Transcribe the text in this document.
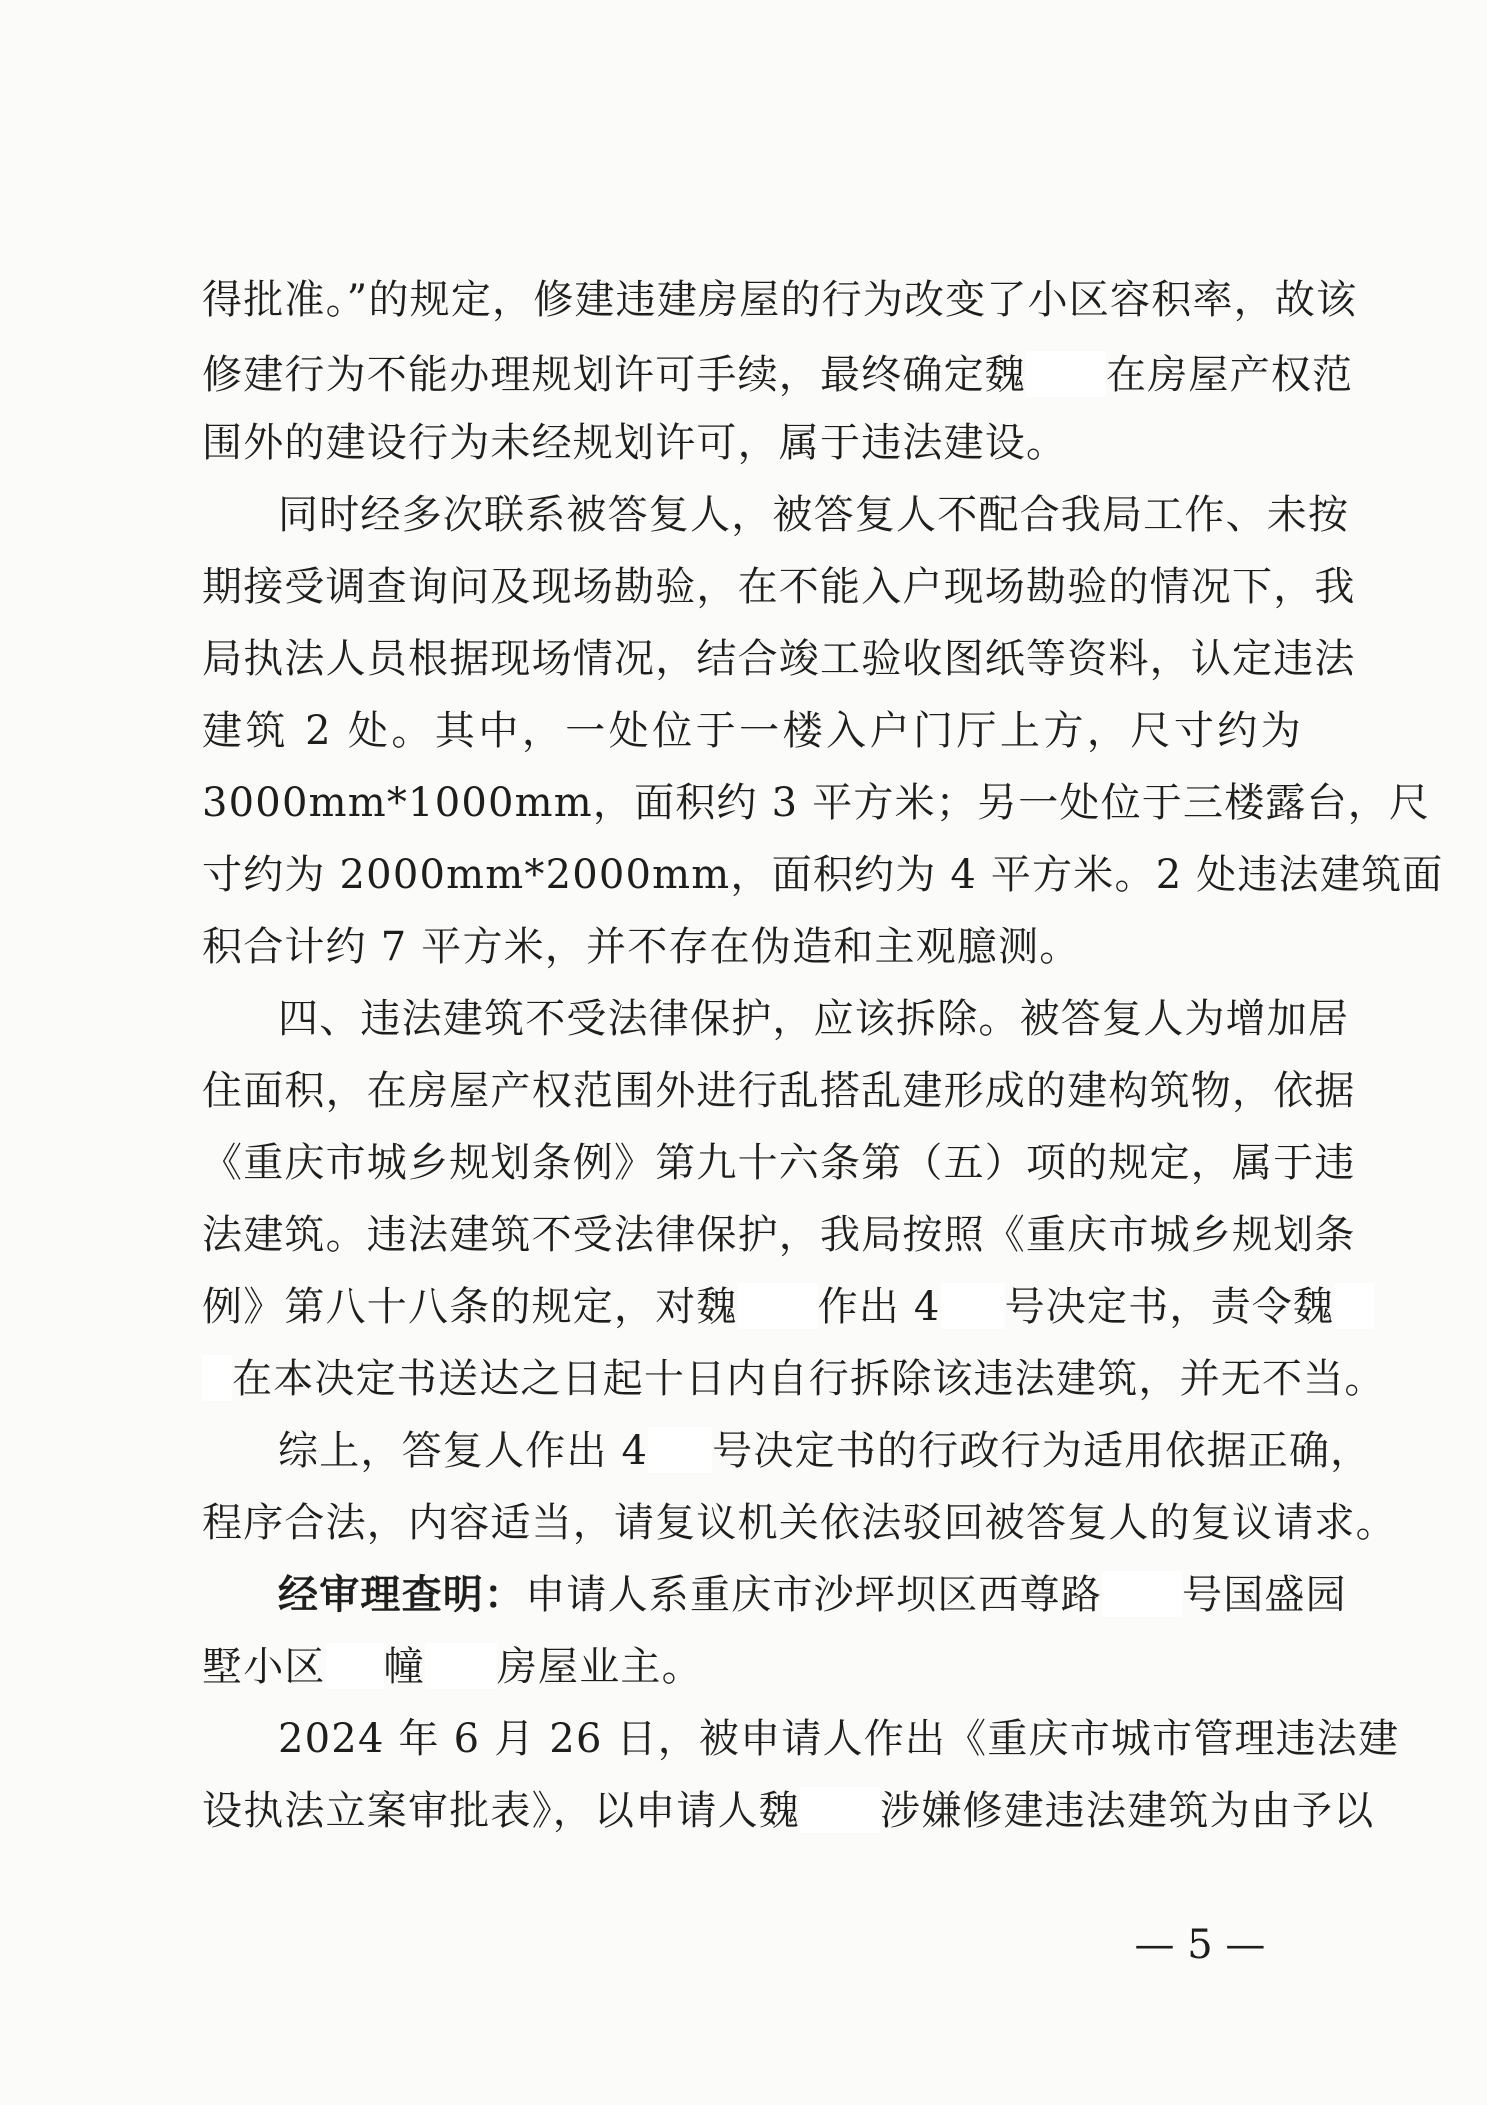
得批准。”的规定，修建违建房屋的行为改变了小区容积率，故该
修建行为不能办理规划许可手续，最终确定魏 在房屋产权范
围外的建设行为未经规划许可，属于违法建设。
同时经多次联系被答复人，被答复人不配合我局工作、未按
期接受调查询问及现场勘验，在不能入户现场勘验的情况下，我
局执法人员根据现场情况，结合竣工验收图纸等资料，认定违法
建筑 2 处。其中，一处位于一楼入户门厅上方，尺寸约为
3000mm*1000mm，面积约 3 平方米；另一处位于三楼露台，尺
寸约为 2000mm*2000mm，面积约为 4 平方米。2 处违法建筑面
积合计约 7 平方米，并不存在伪造和主观臆测。
四、违法建筑不受法律保护，应该拆除。被答复人为增加居
住面积，在房屋产权范围外进行乱搭乱建形成的建构筑物，依据
《重庆市城乡规划条例》第九十六条第（五）项的规定，属于违
法建筑。违法建筑不受法律保护，我局按照《重庆市城乡规划条
例》第八十八条的规定，对魏 作出 4 号决定书，责令魏
在本决定书送达之日起十日内自行拆除该违法建筑，并无不当。
综上，答复人作出 4 号决定书的行政行为适用依据正确，
程序合法，内容适当，请复议机关依法驳回被答复人的复议请求。
经审理查明：申请人系重庆市沙坪坝区西尊路 号国盛园
墅小区 幢 房屋业主。
2024 年 6 月 26 日，被申请人作出《重庆市城市管理违法建
设执法立案审批表》，以申请人魏 涉嫌修建违法建筑为由予以
— 5 —
